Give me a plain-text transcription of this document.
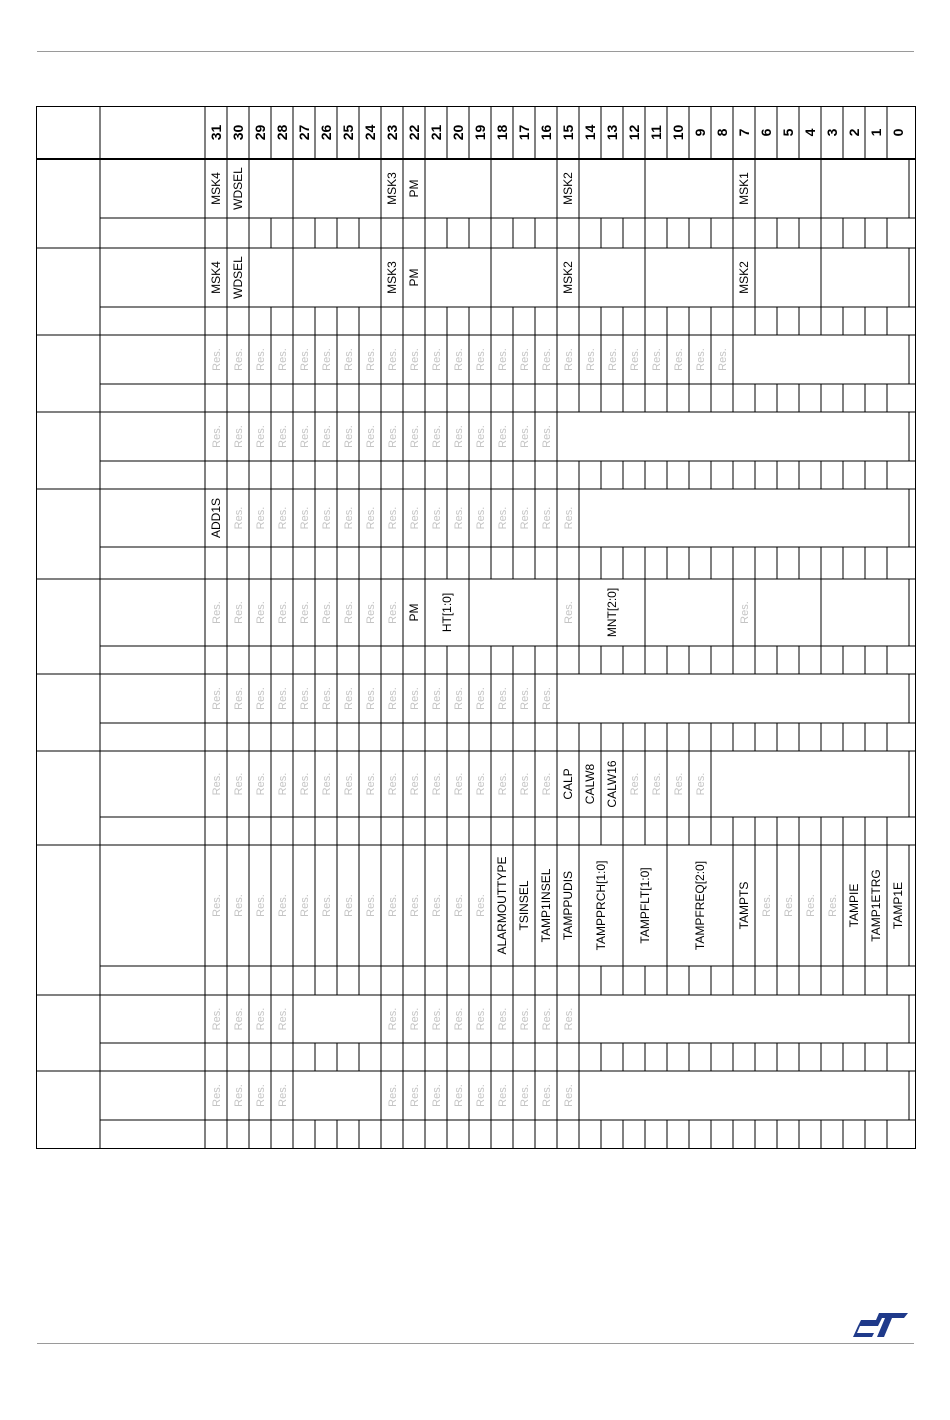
31 30 29 28 27 26 25 24 23 22 21 20 19 18 17 16 15 14 13 12 11 10 9 8 7 6 5 4 3 2 1 0
MSK4 WDSEL	MSK3 PM	MSK2	MSK1
MSK4 WDSEL	MSK3 PM	MSK2	MSK2
Res. Res. Res. Res. Res. Res. Res. Res. Res. Res. Res. Res. Res. Res. Res. Res. Res. Res. Res. Res. Res. Res. Res. Res.
Res. Res. Res. Res. Res. Res. Res. Res. Res. Res. Res. Res. Res. Res. Res. Res.
ADD1S Res. Res. Res. Res. Res. Res. Res. Res. Res. Res. Res. Res. Res. Res. Res. Res.
Res. Res. Res. Res. Res. Res. Res. Res. Res. PM HT[1:0]	Res.	MNT[2:0]	Res.
Res. Res. Res. Res. Res. Res. Res. Res. Res. Res. Res. Res. Res. Res. Res. Res.
Res. Res. Res. Res. Res. Res. Res. Res. Res. Res. Res. Res. Res. Res. Res. Res. CALP CALW8 CALW16 Res. Res. Res. Res.
Res. Res. Res. Res. Res. Res. Res. Res. Res. Res. Res. Res. Res. ALARMOUTTYPE TSINSEL TAMP1INSEL TAMPPUDIS TAMPPRCH[1:0]	TAMPFLT[1:0]	TAMPFREQ[2:0]	TAMPTS Res. Res. Res. Res. TAMPIE TAMP1ETRG TAMP1E
Res. Res. Res. Res.	Res. Res. Res. Res. Res. Res. Res. Res. Res.
Res. Res. Res. Res.	Res. Res. Res. Res. Res. Res. Res. Res. Res.
